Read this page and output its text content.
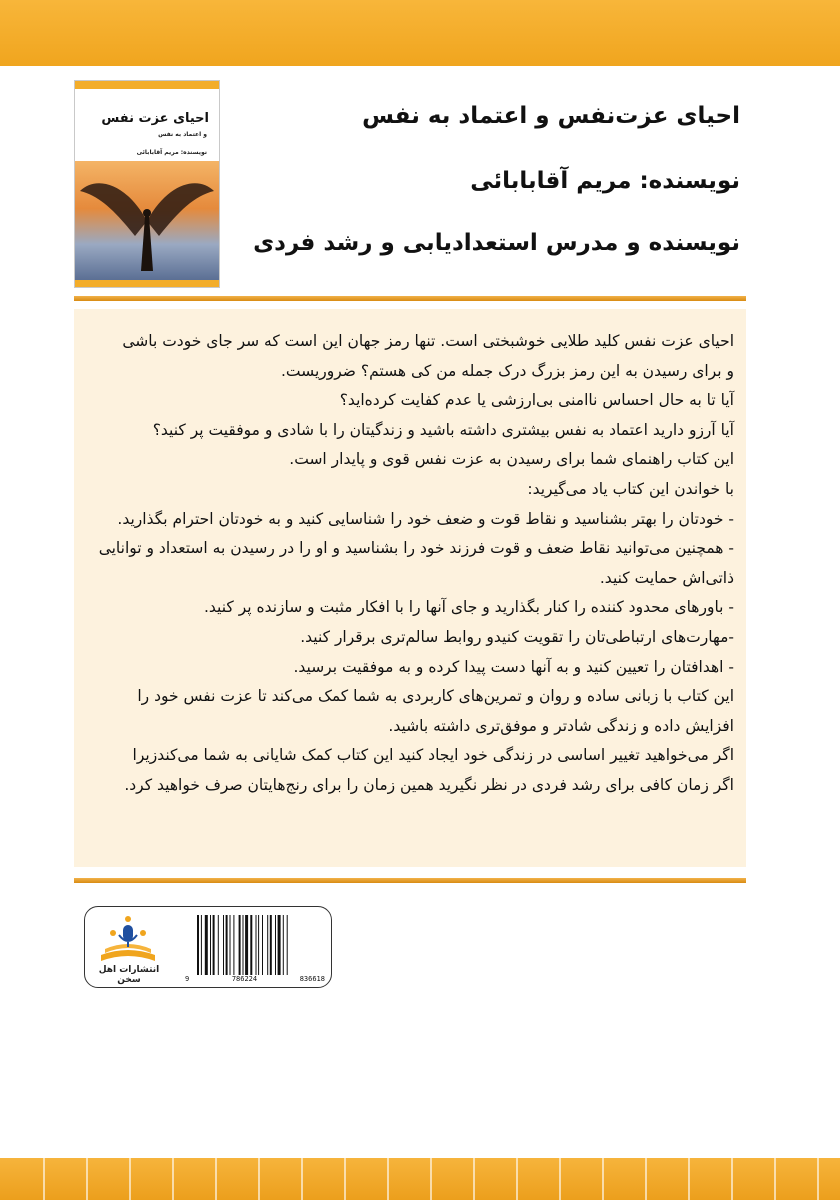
احیای عزت نفس
و اعتماد به نفس
نویسنده: مریم آقابابائی
احیای عزت‌نفس و اعتماد به نفس
نویسنده: مریم آقابابائی
نویسنده و مدرس استعدادیابی و رشد فردی
احیای عزت نفس کلید طلایی خوشبختی است. تنها رمز جهان این است که سر جای خودت باشی
و برای رسیدن به این رمز بزرگ درک جمله من کی هستم؟ ضروریست.
آیا تا به حال احساس ناامنی بی‌ارزشی یا عدم کفایت کرده‌اید؟
آیا آرزو دارید اعتماد به نفس بیشتری داشته باشید و زندگیتان را با شادی و موفقیت پر کنید؟
این کتاب راهنمای شما برای رسیدن به عزت نفس قوی و پایدار است.
با خواندن این کتاب یاد می‌گیرید:
- خودتان را بهتر بشناسید و نقاط قوت و ضعف خود را شناسایی کنید و به خودتان احترام بگذارید.
- همچنین می‌توانید نقاط ضعف و قوت فرزند خود را بشناسید و او را در رسیدن به استعداد و توانایی
ذاتی‌اش حمایت کنید.
- باورهای محدود کننده را کنار بگذارید و جای آنها را با افکار مثبت و سازنده پر کنید.
-مهارت‌های ارتباطی‌تان را تقویت کنیدو روابط سالم‌تری برقرار کنید.
- اهدافتان را تعیین کنید و به آنها دست پیدا کرده و به موفقیت برسید.
این کتاب با زبانی ساده و روان و تمرین‌های کاربردی به شما کمک می‌کند تا عزت نفس خود را
افزایش داده و زندگی شادتر و موفق‌تری داشته باشید.
اگر می‌خواهید تغییر اساسی در زندگی خود ایجاد کنید این کتاب کمک شایانی به شما می‌کندزیرا
اگر زمان کافی برای رشد فردی در نظر نگیرید همین زمان را برای رنج‌هایتان صرف خواهید کرد.
انتشارات اهل سخن	9	786224	836618
